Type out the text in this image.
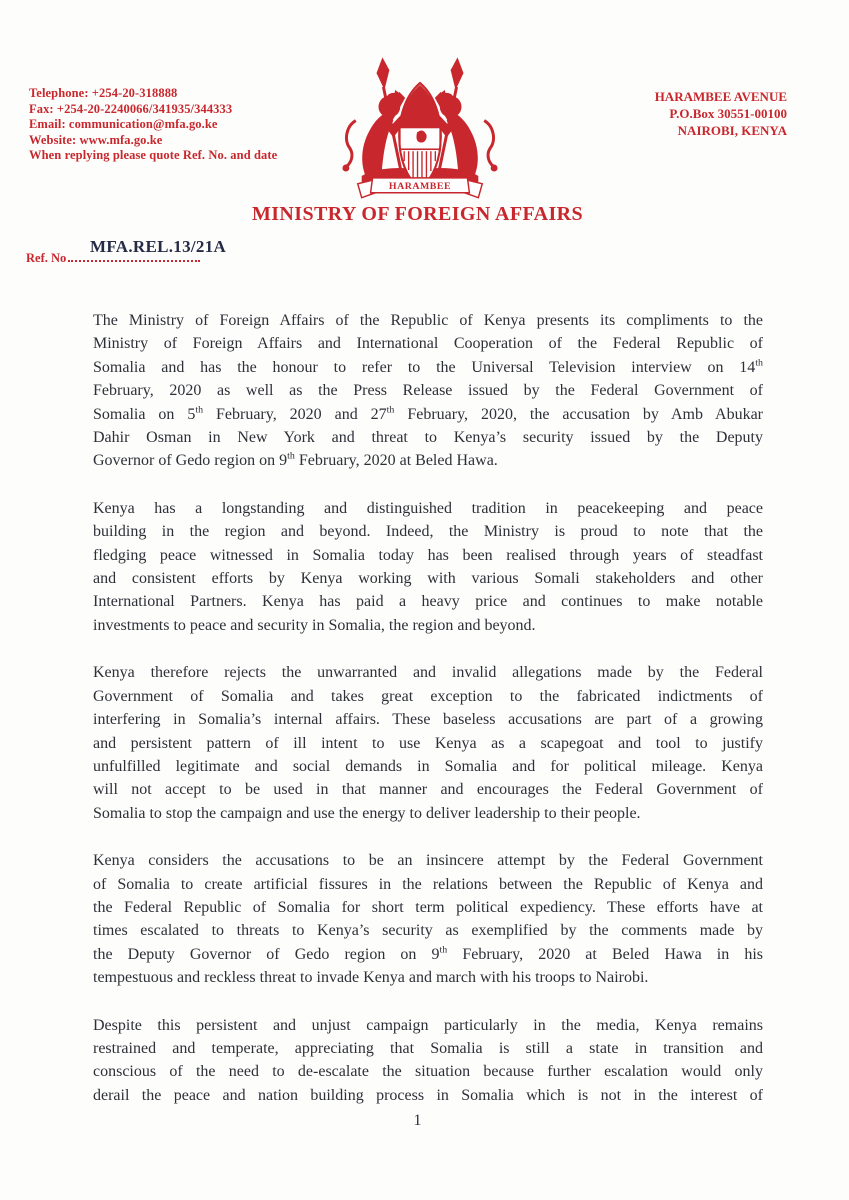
Telephone: +254-20-318888
Fax: +254-20-2240066/341935/344333
Email: communication@mfa.go.ke
Website: www.mfa.go.ke
When replying please quote Ref. No. and date
HARAMBEE
HARAMBEE AVENUE
P.O.Box 30551-00100
NAIROBI, KENYA
MINISTRY OF FOREIGN AFFAIRS
MFA.REL.13/21A
Ref. No
The Ministry of Foreign Affairs of the Republic of Kenya presents its compliments to the
Ministry of Foreign Affairs and International Cooperation of the Federal Republic of
Somalia and has the honour to refer to the Universal Television interview on 14th
February, 2020 as well as the Press Release issued by the Federal Government of
Somalia on 5th February, 2020 and 27th February, 2020, the accusation by Amb Abukar
Dahir Osman in New York and threat to Kenya’s security issued by the Deputy
Governor of Gedo region on 9th February, 2020 at Beled Hawa.
Kenya has a longstanding and distinguished tradition in peacekeeping and peace
building in the region and beyond. Indeed, the Ministry is proud to note that the
fledging peace witnessed in Somalia today has been realised through years of steadfast
and consistent efforts by Kenya working with various Somali stakeholders and other
International Partners. Kenya has paid a heavy price and continues to make notable
investments to peace and security in Somalia, the region and beyond.
Kenya therefore rejects the unwarranted and invalid allegations made by the Federal
Government of Somalia and takes great exception to the fabricated indictments of
interfering in Somalia’s internal affairs. These baseless accusations are part of a growing
and persistent pattern of ill intent to use Kenya as a scapegoat and tool to justify
unfulfilled legitimate and social demands in Somalia and for political mileage. Kenya
will not accept to be used in that manner and encourages the Federal Government of
Somalia to stop the campaign and use the energy to deliver leadership to their people.
Kenya considers the accusations to be an insincere attempt by the Federal Government
of Somalia to create artificial fissures in the relations between the Republic of Kenya and
the Federal Republic of Somalia for short term political expediency. These efforts have at
times escalated to threats to Kenya’s security as exemplified by the comments made by
the Deputy Governor of Gedo region on 9th February, 2020 at Beled Hawa in his
tempestuous and reckless threat to invade Kenya and march with his troops to Nairobi.
Despite this persistent and unjust campaign particularly in the media, Kenya remains
restrained and temperate, appreciating that Somalia is still a state in transition and
conscious of the need to de-escalate the situation because further escalation would only
derail the peace and nation building process in Somalia which is not in the interest of
1
